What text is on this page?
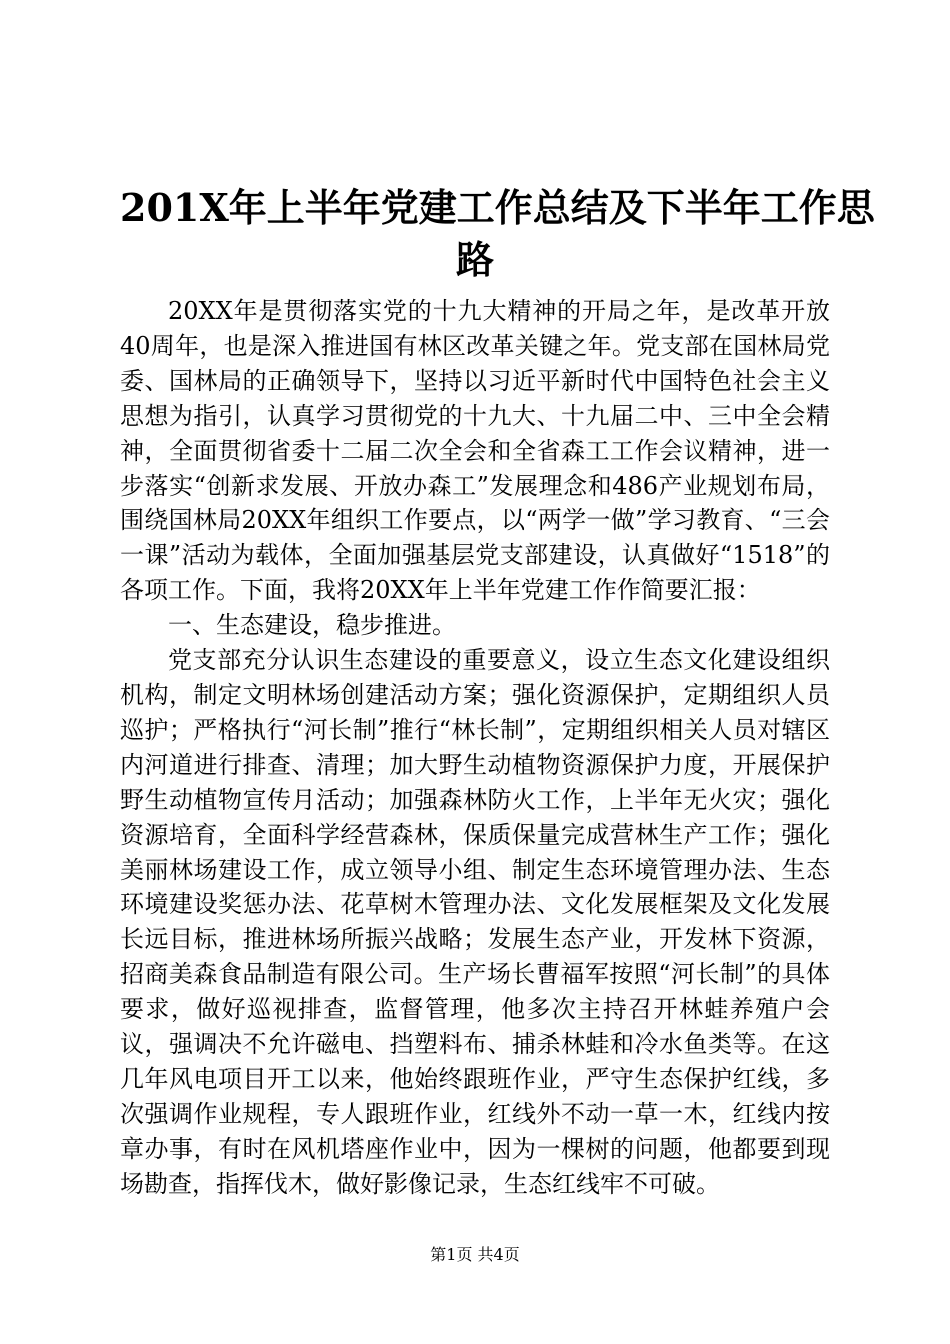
201X年上半年党建工作总结及下半年工作思
路

20XX年是贯彻落实党的十九大精神的开局之年，是改革开放40周年，也是深入推进国有林区改革关键之年。党支部在国林局党委、国林局的正确领导下，坚持以习近平新时代中国特色社会主义思想为指引，认真学习贯彻党的十九大、十九届二中、三中全会精神，全面贯彻省委十二届二次全会和全省森工工作会议精神，进一步落实“创新求发展、开放办森工”发展理念和486产业规划布局，围绕国林局20XX年组织工作要点，以“两学一做”学习教育、“三会一课”活动为载体，全面加强基层党支部建设，认真做好“1518”的各项工作。下面，我将20XX年上半年党建工作作简要汇报：

一、生态建设，稳步推进。

党支部充分认识生态建设的重要意义，设立生态文化建设组织机构，制定文明林场创建活动方案；强化资源保护，定期组织人员巡护；严格执行“河长制”推行“林长制”，定期组织相关人员对辖区内河道进行排查、清理；加大野生动植物资源保护力度，开展保护野生动植物宣传月活动；加强森林防火工作，上半年无火灾；强化资源培育，全面科学经营森林，保质保量完成营林生产工作；强化美丽林场建设工作，成立领导小组、制定生态环境管理办法、生态环境建设奖惩办法、花草树木管理办法、文化发展框架及文化发展长远目标，推进林场所振兴战略；发展生态产业，开发林下资源，招商美森食品制造有限公司。生产场长曹福军按照“河长制”的具体要求，做好巡视排查，监督管理，他多次主持召开林蛙养殖户会议，强调决不允许磁电、挡塑料布、捕杀林蛙和冷水鱼类等。在这几年风电项目开工以来，他始终跟班作业，严守生态保护红线，多次强调作业规程，专人跟班作业，红线外不动一草一木，红线内按章办事，有时在风机塔座作业中，因为一棵树的问题，他都要到现场勘查，指挥伐木，做好影像记录，生态红线牢不可破。

第1页 共4页
